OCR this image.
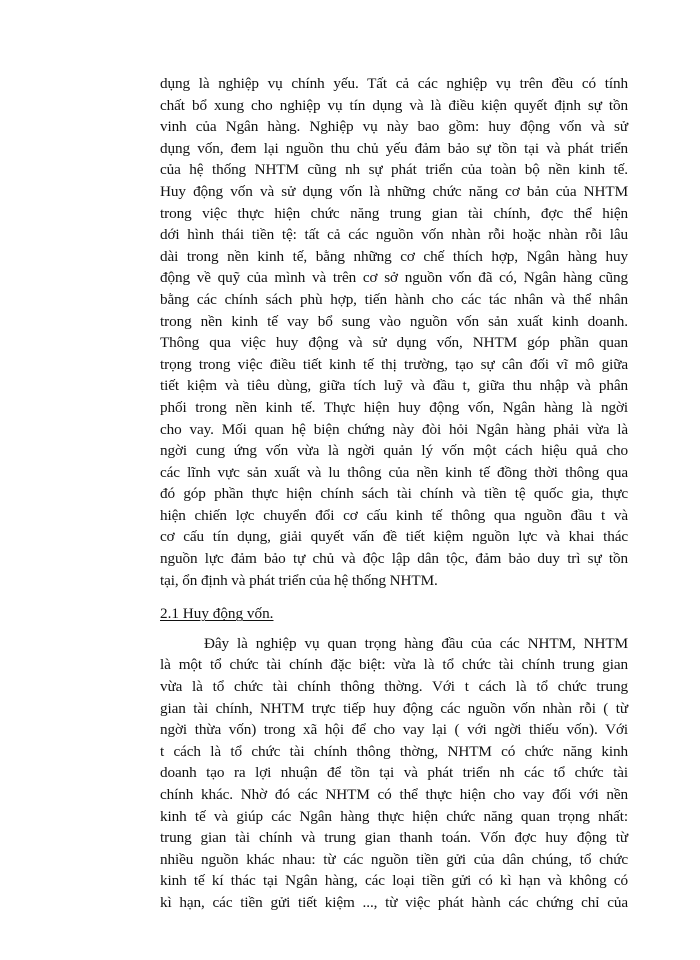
dụng là nghiệp vụ chính yếu. Tất cả các nghiệp vụ trên đều có tính
chất bổ xung cho nghiệp vụ tín dụng và là điều kiện quyết định sự tồn
vinh của Ngân hàng. Nghiệp vụ này bao gồm: huy động vốn và sử
dụng vốn, đem lại nguồn thu chủ yếu đảm bảo sự tồn tại và phát triển
của hệ thống NHTM cũng nh sự phát triển của toàn bộ nền kinh tế.
Huy động vốn và sử dụng vốn là những chức năng cơ bản của NHTM
trong việc thực hiện chức năng trung gian tài chính, đợc thể hiện
dới hình thái tiền tệ: tất cả các nguồn vốn nhàn rỗi hoặc nhàn rỗi lâu
dài trong nền kinh tế, bằng những cơ chế thích hợp, Ngân hàng huy
động về quỹ của mình và trên cơ sở nguồn vốn đã có, Ngân hàng cũng
bằng các chính sách phù hợp, tiến hành cho các tác nhân và thể nhân
trong nền kinh tế vay bổ sung vào nguồn vốn sản xuất kinh doanh.
Thông qua việc huy động và sử dụng vốn, NHTM góp phần quan
trọng trong việc điều tiết kinh tế thị trường, tạo sự cân đối vĩ mô giữa
tiết kiệm và tiêu dùng, giữa tích luỹ và đầu t, giữa thu nhập và phân
phối trong nền kinh tế. Thực hiện huy động vốn, Ngân hàng là ngời
cho vay. Mối quan hệ biện chứng này đòi hỏi Ngân hàng phải vừa là
ngời cung ứng vốn vừa là ngời quản lý vốn một cách hiệu quả cho
các lĩnh vực sản xuất và lu thông của nền kinh tế đồng thời thông qua
đó góp phần thực hiện chính sách tài chính và tiền tệ quốc gia, thực
hiện chiến lợc chuyển đổi cơ cấu kinh tế thông qua nguồn đầu t và
cơ cấu tín dụng, giải quyết vấn đề tiết kiệm nguồn lực và khai thác
nguồn lực đảm bảo tự chủ và độc lập dân tộc, đảm bảo duy trì sự tồn
tại, ổn định và phát triển của hệ thống NHTM.
2.1 Huy động vốn.
Đây là nghiệp vụ quan trọng hàng đầu của các NHTM, NHTM
là một tổ chức tài chính đặc biệt: vừa là tổ chức tài chính trung gian
vừa là tổ chức tài chính thông thờng. Với t cách là tổ chức trung
gian tài chính, NHTM trực tiếp huy động các nguồn vốn nhàn rỗi ( từ
ngời thừa vốn) trong xã hội để cho vay lại ( với ngời thiếu vốn). Với
t cách là tổ chức tài chính thông thờng, NHTM có chức năng kinh
doanh tạo ra lợi nhuận để tồn tại và phát triển nh các tổ chức tài
chính khác. Nhờ đó các NHTM có thể thực hiện cho vay đối với nền
kinh tế và giúp các Ngân hàng thực hiện chức năng quan trọng nhất:
trung gian tài chính và trung gian thanh toán. Vốn đợc huy động từ
nhiều nguồn khác nhau: từ các nguồn tiền gửi của dân chúng, tổ chức
kinh tế kí thác tại Ngân hàng, các loại tiền gửi có kì hạn và không có
kì hạn, các tiền gửi tiết kiệm ..., từ việc phát hành các chứng chỉ của
